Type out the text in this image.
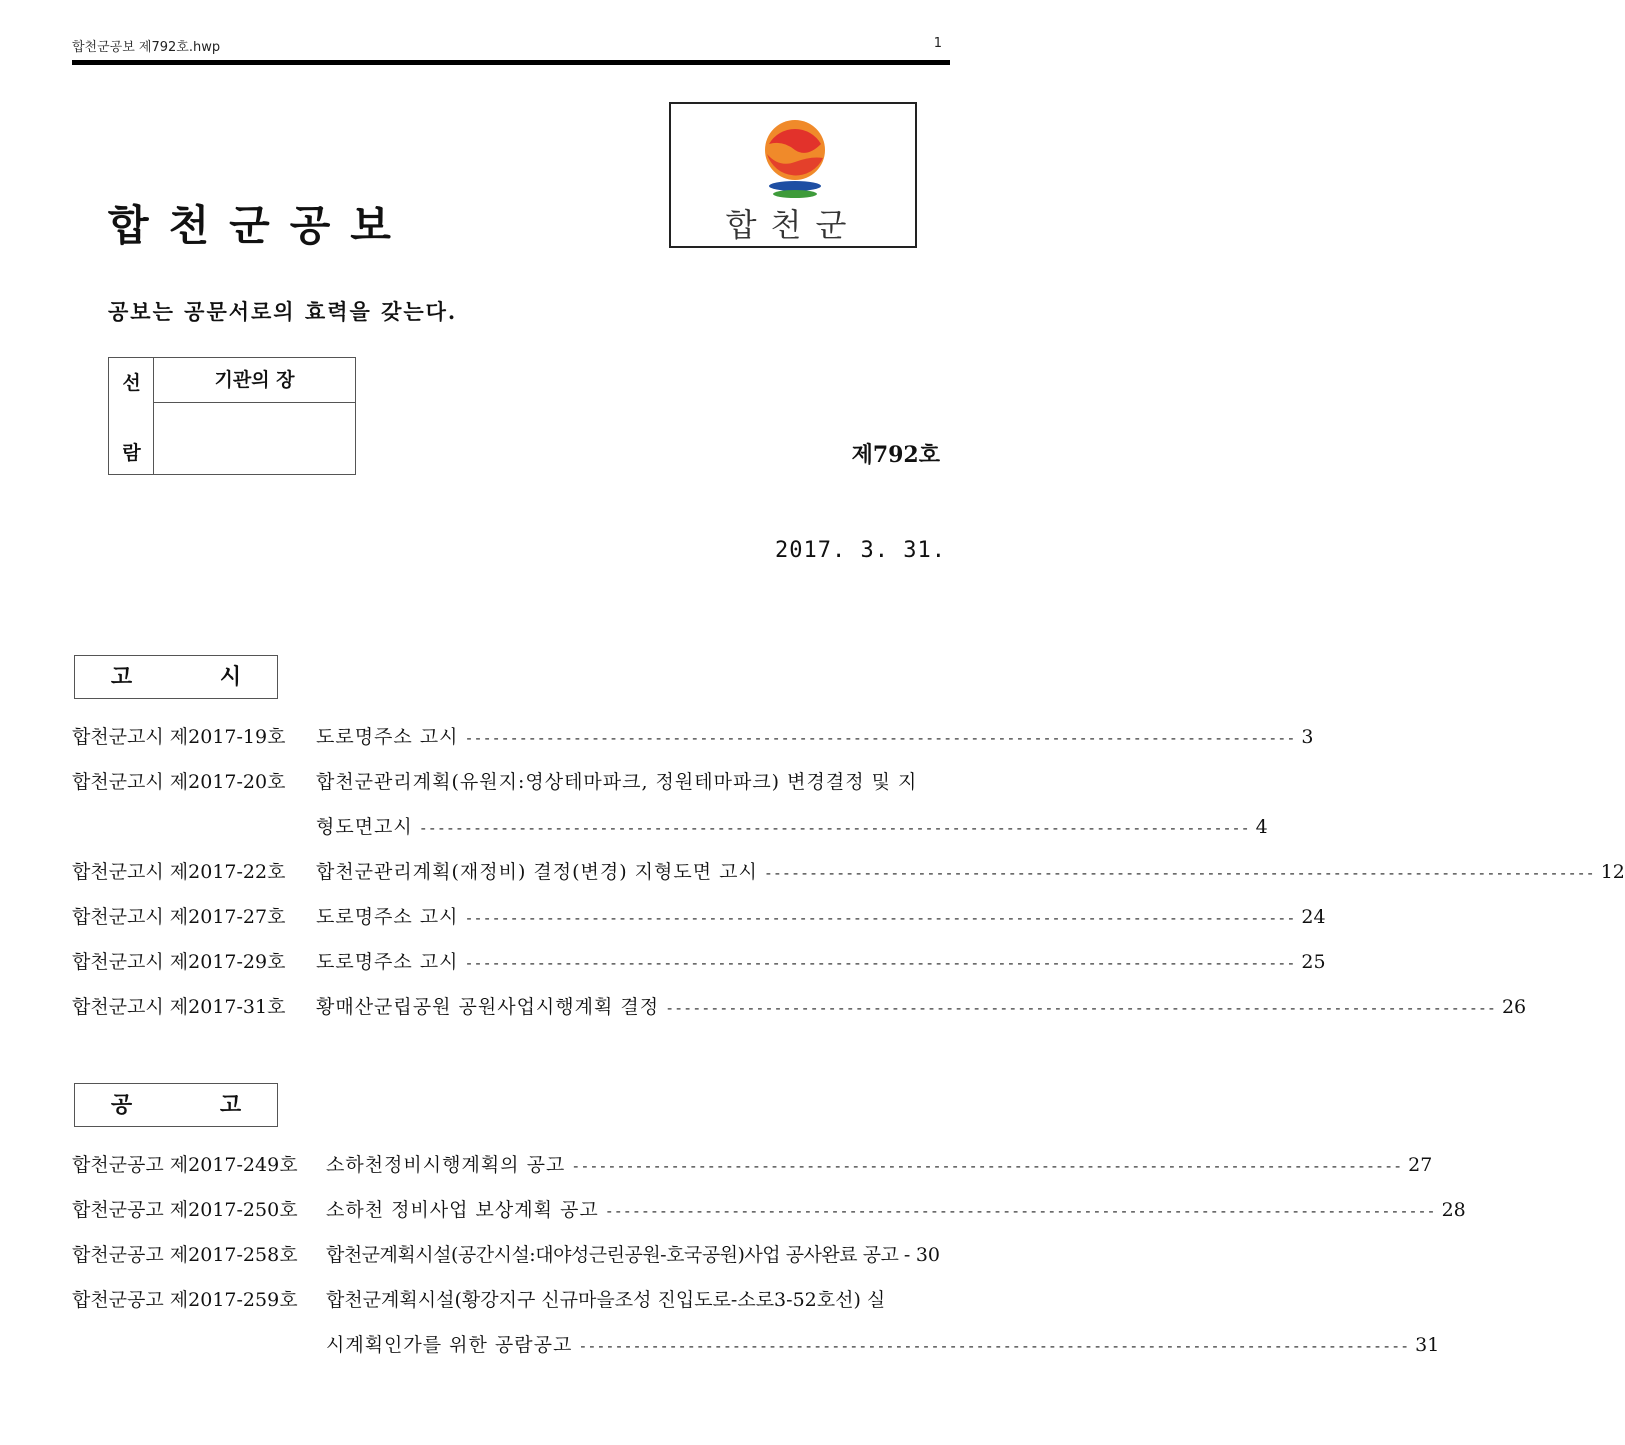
합천군공보 제792호.hwp	1
합천군공보	합천군
공보는 공문서로의 효력을 갖는다.
선
람
기관의 장
제792호
2017. 3. 31.
고 시
합천군고시 제2017-19호 도로명주소 고시 -------------------------------------------------------------------------------------------- 3
합천군고시 제2017-20호 합천군관리계획(유원지:영상테마파크, 정원테마파크) 변경결정 및 지
형도면고시 -------------------------------------------------------------------------------------------- 4
합천군고시 제2017-22호 합천군관리계획(재정비) 결정(변경) 지형도면 고시 -------------------------------------------------------------------------------------------- 12
합천군고시 제2017-27호 도로명주소 고시 -------------------------------------------------------------------------------------------- 24
합천군고시 제2017-29호 도로명주소 고시 -------------------------------------------------------------------------------------------- 25
합천군고시 제2017-31호 황매산군립공원 공원사업시행계획 결정 -------------------------------------------------------------------------------------------- 26
공 고
합천군공고 제2017-249호 소하천정비시행계획의 공고 -------------------------------------------------------------------------------------------- 27
합천군공고 제2017-250호 소하천 정비사업 보상계획 공고 -------------------------------------------------------------------------------------------- 28
합천군공고 제2017-258호 합천군계획시설(공간시설:대야성근린공원-호국공원)사업 공사완료 공고 - 30
합천군공고 제2017-259호 합천군계획시설(황강지구 신규마을조성 진입도로-소로3-52호선) 실
시계획인가를 위한 공람공고 -------------------------------------------------------------------------------------------- 31
